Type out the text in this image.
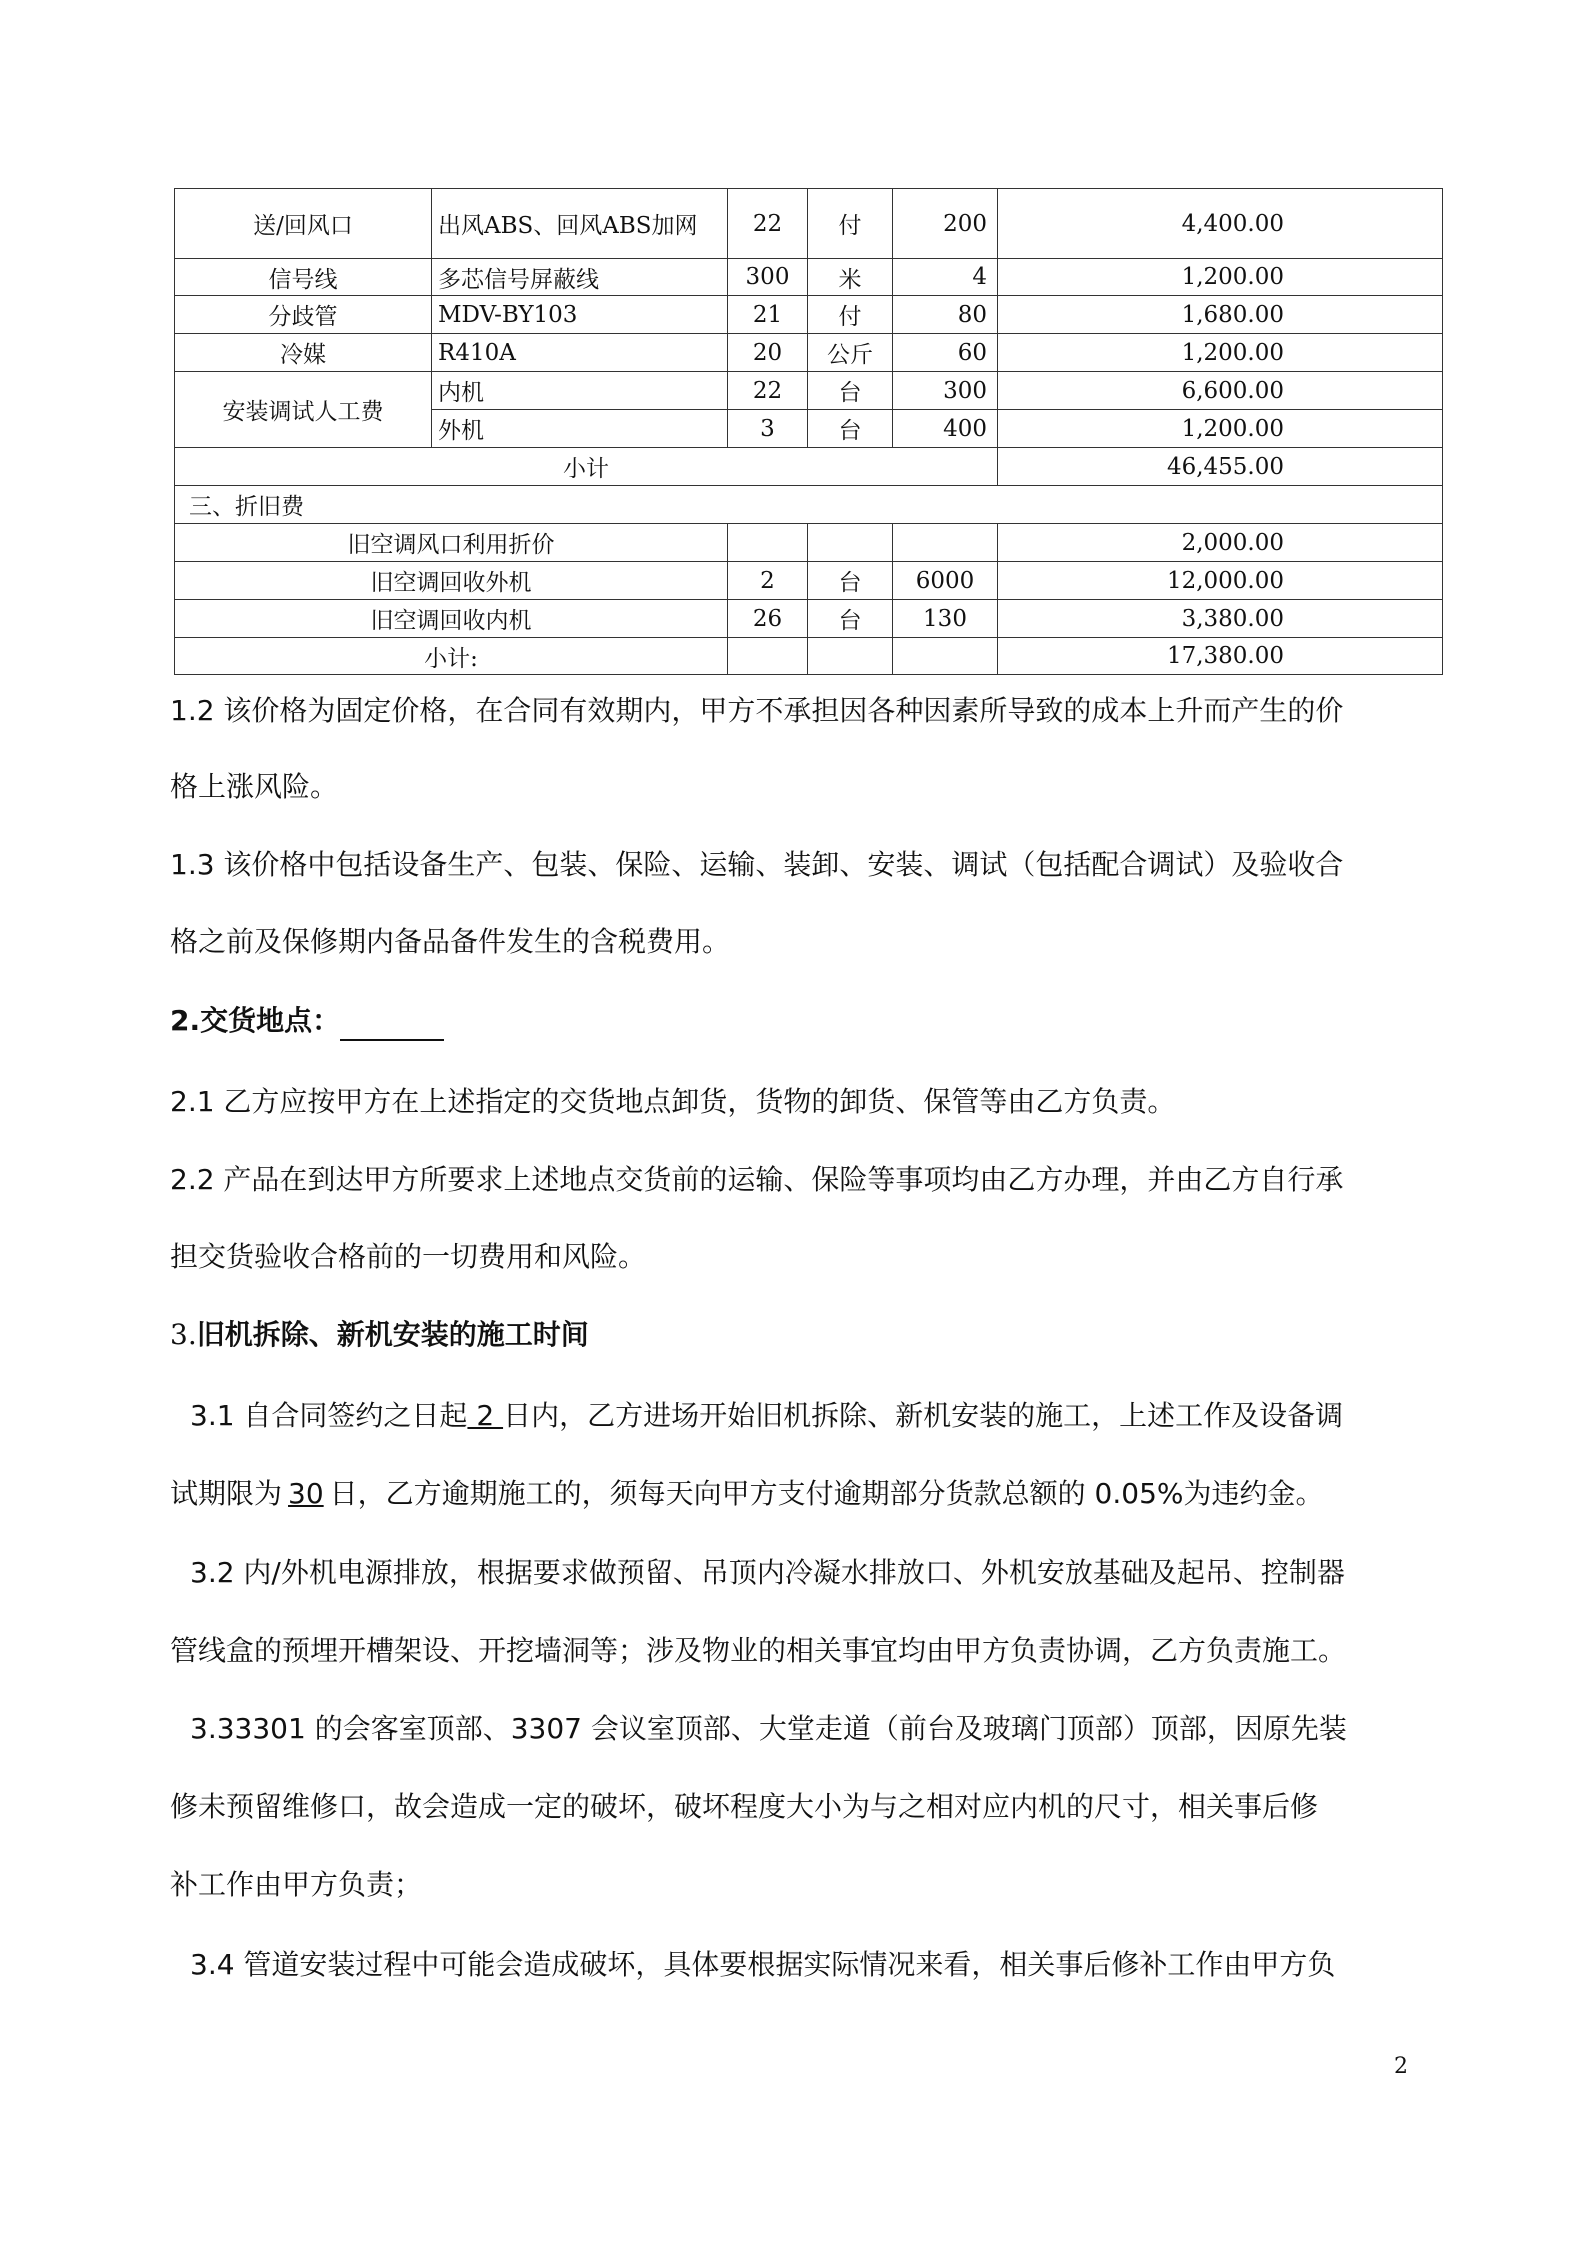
送/回风口	出风ABS、回风ABS加网	22	付	200	4,400.00
信号线	多芯信号屏蔽线	300	米	4	1,200.00
分歧管	MDV-BY103	21	付	80	1,680.00
冷媒	R410A	20	公斤	60	1,200.00
安装调试人工费	内机	22	台	300	6,600.00
	外机	3	台	400	1,200.00
小计					46,455.00
三、折旧费					
旧空调风口利用折价					2,000.00
旧空调回收外机		2	台	6000	12,000.00
旧空调回收内机		26	台	130	3,380.00
小计:					17,380.00
1.2 该价格为固定价格，在合同有效期内，甲方不承担因各种因素所导致的成本上升而产生的价
格上涨风险。
1.3 该价格中包括设备生产、包装、保险、运输、装卸、安装、调试（包括配合调试）及验收合
格之前及保修期内备品备件发生的含税费用。
2.交货地点：
2.1 乙方应按甲方在上述指定的交货地点卸货，货物的卸货、保管等由乙方负责。
2.2 产品在到达甲方所要求上述地点交货前的运输、保险等事项均由乙方办理，并由乙方自行承
担交货验收合格前的一切费用和风险。
3.旧机拆除、新机安装的施工时间
3.1 自合同签约之日起 2 日内，乙方进场开始旧机拆除、新机安装的施工，上述工作及设备调
试期限为 30 日，乙方逾期施工的，须每天向甲方支付逾期部分货款总额的 0.05%为违约金。
3.2 内/外机电源排放，根据要求做预留、吊顶内冷凝水排放口、外机安放基础及起吊、控制器
管线盒的预埋开槽架设、开挖墙洞等；涉及物业的相关事宜均由甲方负责协调，乙方负责施工。
3.33301 的会客室顶部、3307 会议室顶部、大堂走道（前台及玻璃门顶部）顶部，因原先装
修未预留维修口，故会造成一定的破坏，破坏程度大小为与之相对应内机的尺寸，相关事后修
补工作由甲方负责；
3.4 管道安装过程中可能会造成破坏，具体要根据实际情况来看，相关事后修补工作由甲方负
2
